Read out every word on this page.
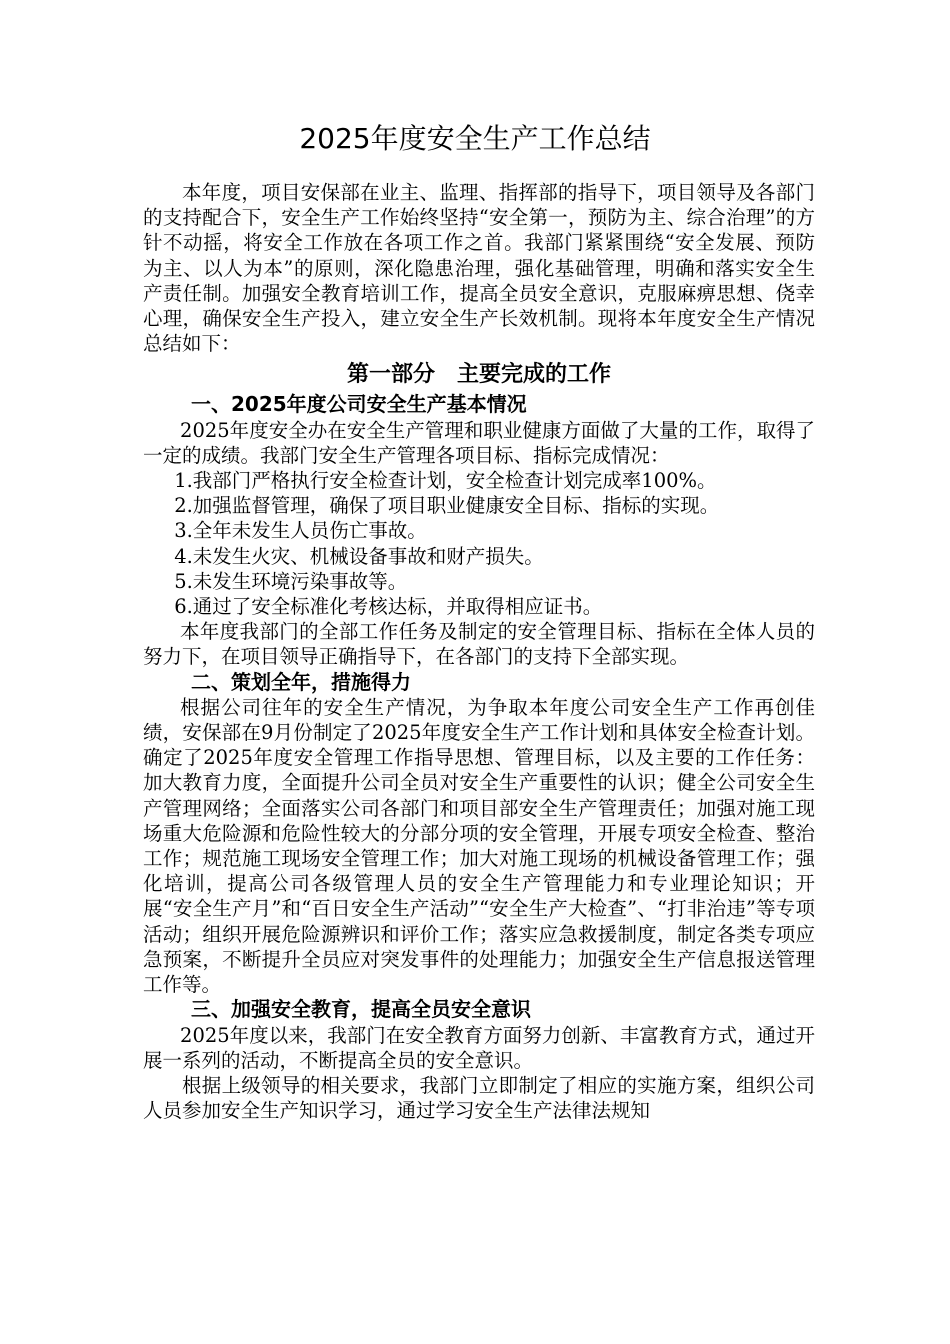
2025年度安全生产工作总结

本年度，项目安保部在业主、监理、指挥部的指导下，项目领导及各部门的支持配合下，安全生产工作始终坚持“安全第一，预防为主、综合治理”的方针不动摇，将安全工作放在各项工作之首。我部门紧紧围绕“安全发展、预防为主、以人为本”的原则，深化隐患治理，强化基础管理，明确和落实安全生产责任制。加强安全教育培训工作，提高全员安全意识，克服麻痹思想、侥幸心理，确保安全生产投入，建立安全生产长效机制。现将本年度安全生产情况总结如下：

第一部分　主要完成的工作
一、2025年度公司安全生产基本情况

2025年度安全办在安全生产管理和职业健康方面做了大量的工作，取得了一定的成绩。我部门安全生产管理各项目标、指标完成情况：

1.我部门严格执行安全检查计划，安全检查计划完成率100%。

2.加强监督管理，确保了项目职业健康安全目标、指标的实现。

3.全年未发生人员伤亡事故。

4.未发生火灾、机械设备事故和财产损失。

5.未发生环境污染事故等。

6.通过了安全标准化考核达标，并取得相应证书。

本年度我部门的全部工作任务及制定的安全管理目标、指标在全体人员的努力下，在项目领导正确指导下，在各部门的支持下全部实现。

二、策划全年，措施得力

根据公司往年的安全生产情况，为争取本年度公司安全生产工作再创佳绩，安保部在9月份制定了2025年度安全生产工作计划和具体安全检查计划。确定了2025年度安全管理工作指导思想、管理目标，以及主要的工作任务：加大教育力度，全面提升公司全员对安全生产重要性的认识；健全公司安全生产管理网络；全面落实公司各部门和项目部安全生产管理责任；加强对施工现场重大危险源和危险性较大的分部分项的安全管理，开展专项安全检查、整治工作；规范施工现场安全管理工作；加大对施工现场的机械设备管理工作；强化培训，提高公司各级管理人员的安全生产管理能力和专业理论知识；开展“安全生产月”和“百日安全生产活动”“安全生产大检查”、“打非治违”等专项活动；组织开展危险源辨识和评价工作；落实应急救援制度，制定各类专项应急预案，不断提升全员应对突发事件的处理能力；加强安全生产信息报送管理工作等。

三、加强安全教育，提高全员安全意识

2025年度以来，我部门在安全教育方面努力创新、丰富教育方式，通过开展一系列的活动，不断提高全员的安全意识。

根据上级领导的相关要求，我部门立即制定了相应的实施方案，组织公司人员参加安全生产知识学习，通过学习安全生产法律法规知
